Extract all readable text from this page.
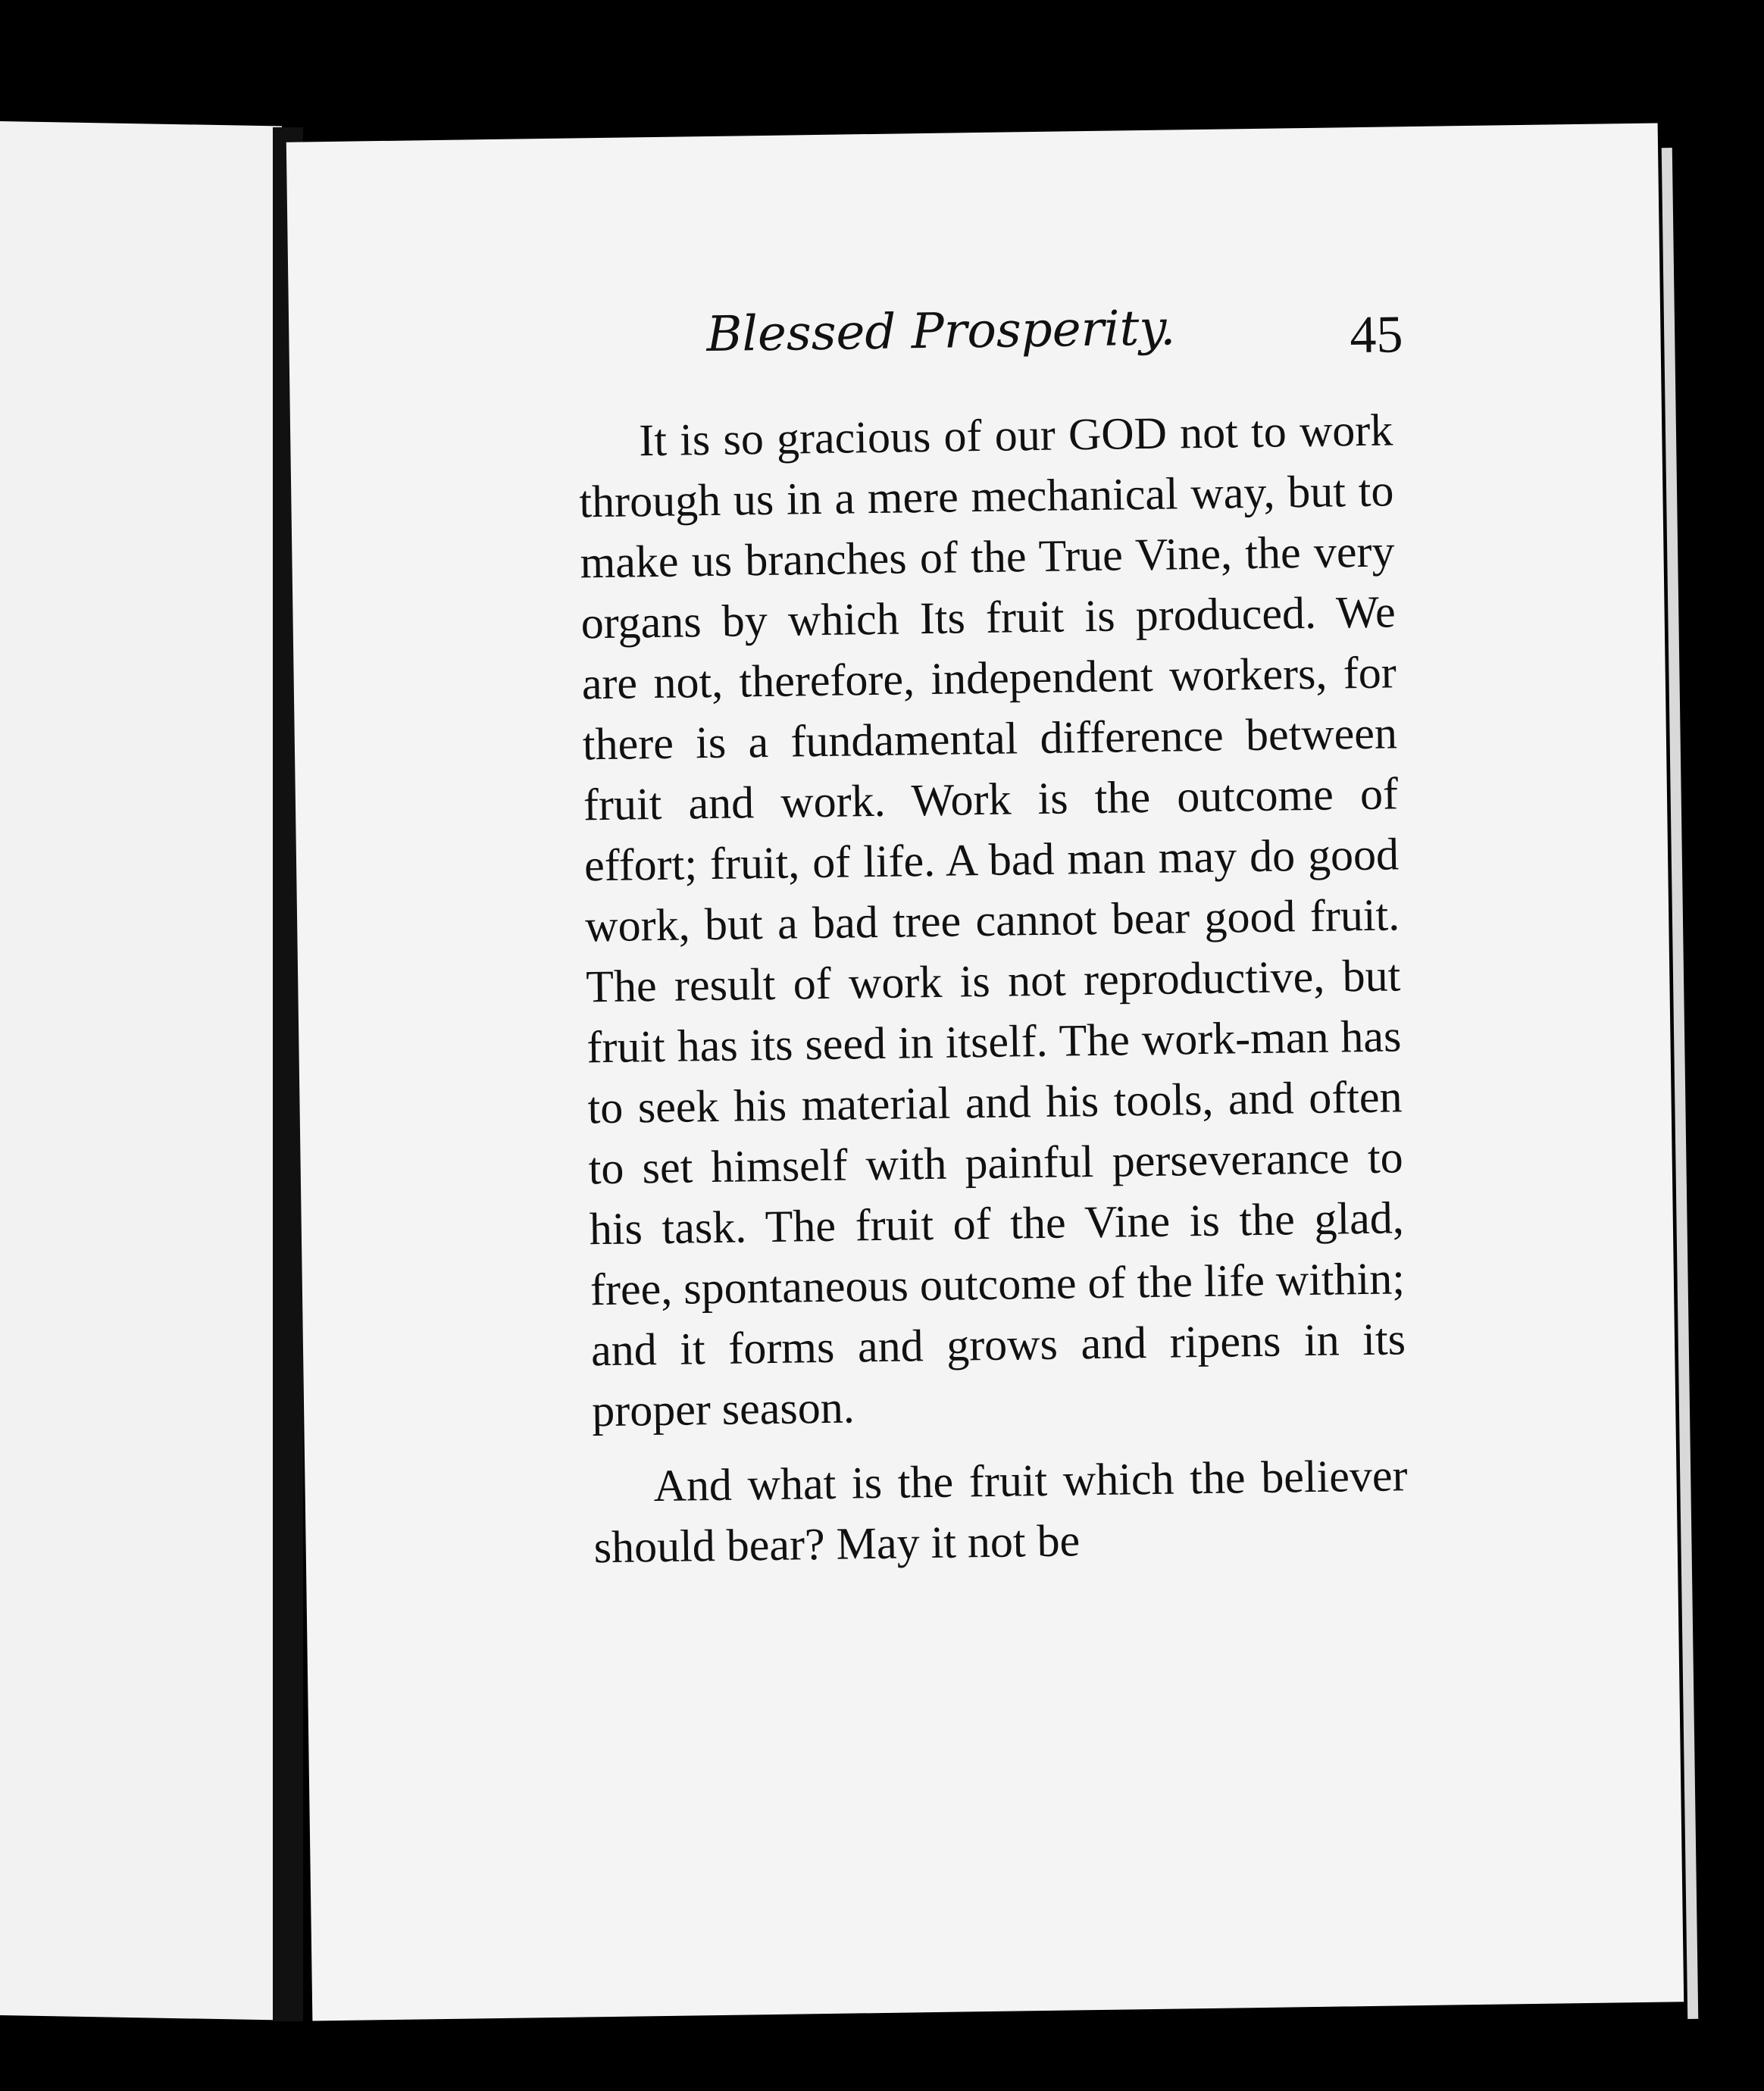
Blessed Prosperity.	45

It is so gracious of our GOD not to work through us in a mere mechanical way, but to make us branches of the True Vine, the very organs by which Its fruit is produced. We are not, therefore, independent workers, for there is a fundamental difference between fruit and work. Work is the outcome of effort; fruit, of life. A bad man may do good work, but a bad tree cannot bear good fruit. The result of work is not reproductive, but fruit has its seed in itself. The work-man has to seek his material and his tools, and often to set himself with painful perseverance to his task. The fruit of the Vine is the glad, free, spontaneous outcome of the life within; and it forms and grows and ripens in its proper season.

And what is the fruit which the believer should bear? May it not be
